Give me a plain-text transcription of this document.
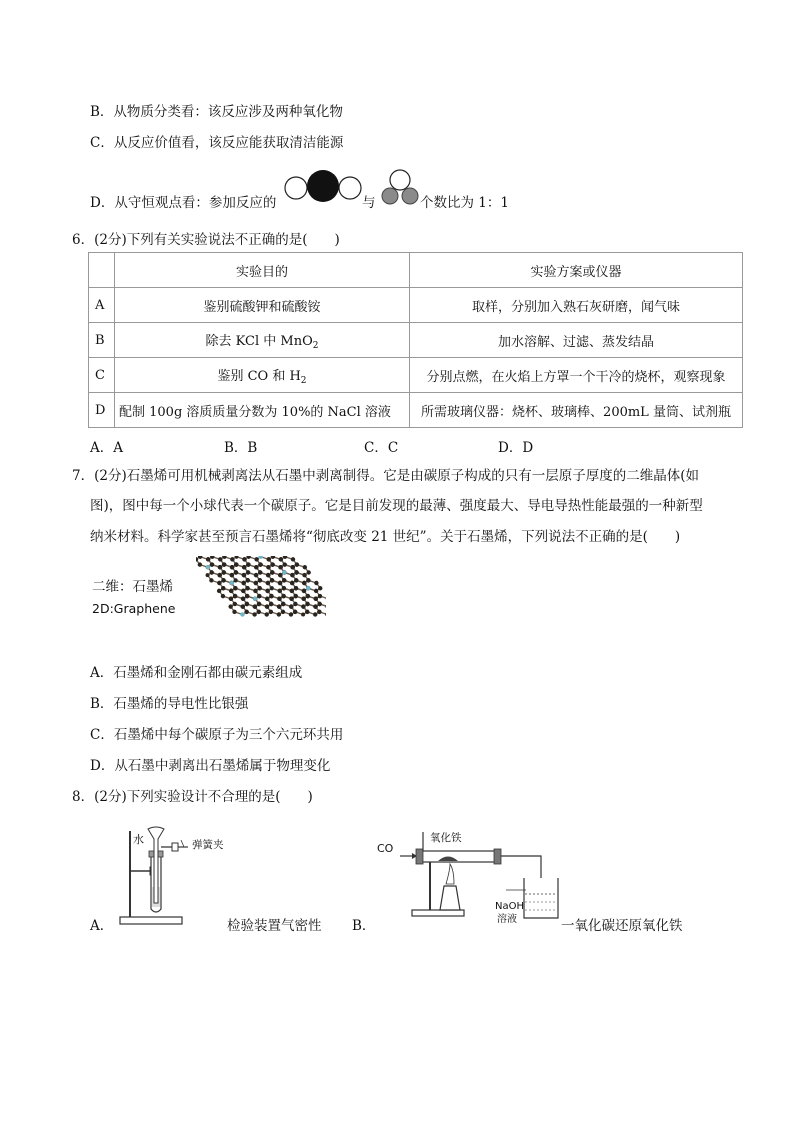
B．从物质分类看：该反应涉及两种氧化物
C．从反应价值看，该反应能获取清洁能源
D．从守恒观点看：参加反应的	与	个数比为 1：1
6．(2分)下列有关实验说法不正确的是(　　)
	实验目的	实验方案或仪器
A	鉴别硫酸钾和硫酸铵	取样，分别加入熟石灰研磨，闻气味
B	除去 KCl 中 MnO$_2$	加水溶解、过滤、蒸发结晶
C	鉴别 CO 和 $H_2$	分别点燃，在火焰上方罩一个干冷的烧杯，观察现象
D	配制 100g 溶质质量分数为 10%的 NaCl 溶液	所需玻璃仪器：烧杯、玻璃棒、200mL 量筒、试剂瓶
A．A	B．B	C．C	D．D
7．(2分)石墨烯可用机械剥离法从石墨中剥离制得。它是由碳原子构成的只有一层原子厚度的二维晶体(如
图)，图中每一个小球代表一个碳原子。它是目前发现的最薄、强度最大、导电导热性能最强的一种新型
纳米材料。科学家甚至预言石墨烯将“彻底改变 21 世纪”。关于石墨烯，下列说法不正确的是(　　)
二维：石墨烯
2D:Graphene
A．石墨烯和金刚石都由碳元素组成
B．石墨烯的导电性比银强
C．石墨烯中每个碳原子为三个六元环共用
D．从石墨中剥离出石墨烯属于物理变化
8．(2分)下列实验设计不合理的是(　　)
水	弹簧夹
A．	检验装置气密性 B．
CO
氧化铁
NaOH
溶液	一氧化碳还原氧化铁
